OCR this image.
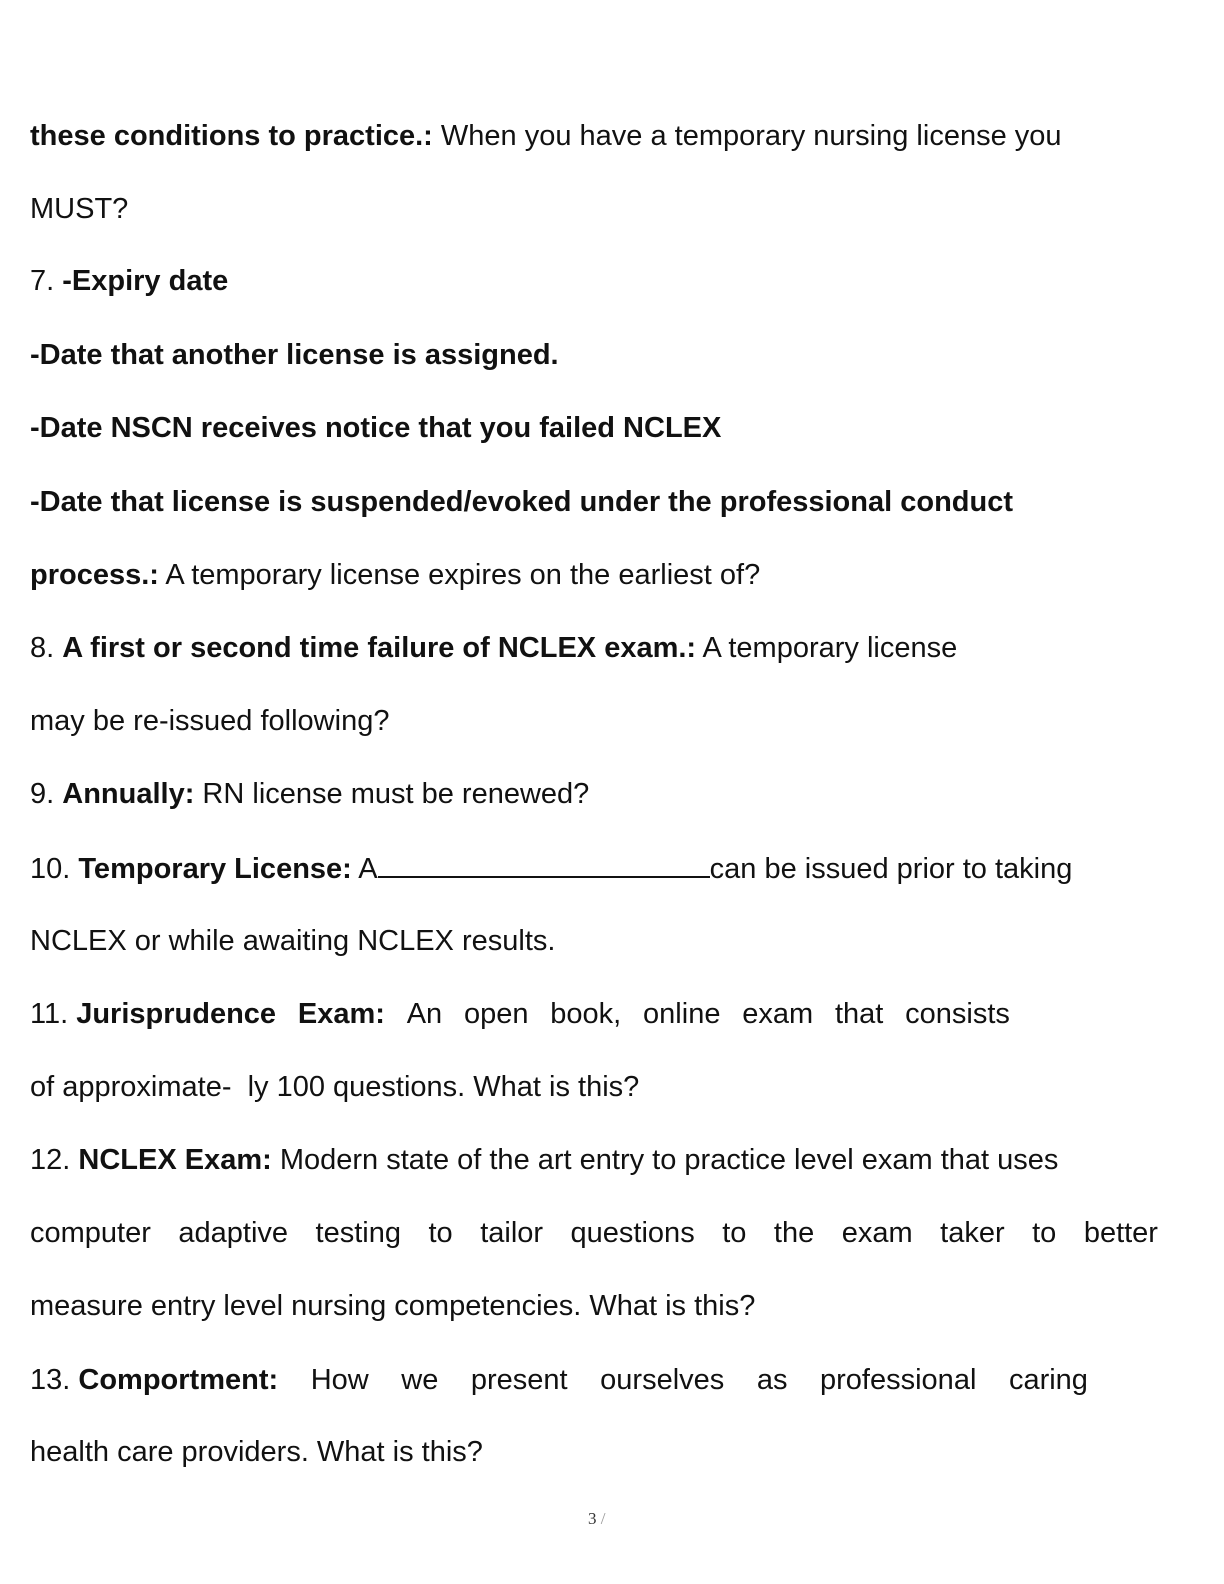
these conditions to practice.: When you have a temporary nursing license you
MUST?
7. -Expiry date
-Date that another license is assigned.
-Date NSCN receives notice that you failed NCLEX
-Date that license is suspended/evoked under the professional conduct
process.: A temporary license expires on the earliest of?
8. A first or second time failure of NCLEX exam.: A temporary license
may be re-issued following?
9. Annually: RN license must be renewed?
10. Temporary License: A	can be issued prior to taking
NCLEX or while awaiting NCLEX results.
11. Jurisprudence Exam: An open book, online exam that consists
of approximate-  ly 100 questions. What is this?
12. NCLEX Exam: Modern state of the art entry to practice level exam that uses
computer adaptive testing to tailor questions to the exam taker to better
measure entry level nursing competencies. What is this?
13. Comportment: How we present ourselves as professional caring
health care providers. What is this?
3 /
